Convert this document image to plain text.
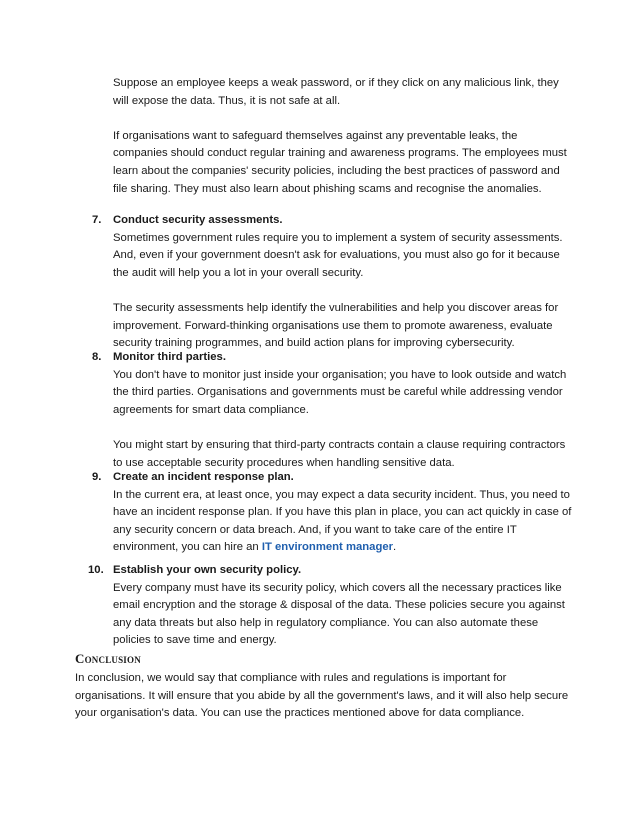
Suppose an employee keeps a weak password, or if they click on any malicious link, they will expose the data. Thus, it is not safe at all.

If organisations want to safeguard themselves against any preventable leaks, the companies should conduct regular training and awareness programs. The employees must learn about the companies' security policies, including the best practices of password and file sharing. They must also learn about phishing scams and recognise the anomalies.

7. Conduct security assessments.

Sometimes government rules require you to implement a system of security assessments. And, even if your government doesn't ask for evaluations, you must also go for it because the audit will help you a lot in your overall security.

The security assessments help identify the vulnerabilities and help you discover areas for improvement. Forward-thinking organisations use them to promote awareness, evaluate security training programmes, and build action plans for improving cybersecurity.

8. Monitor third parties.

You don't have to monitor just inside your organisation; you have to look outside and watch the third parties. Organisations and governments must be careful while addressing vendor agreements for smart data compliance.

You might start by ensuring that third-party contracts contain a clause requiring contractors to use acceptable security procedures when handling sensitive data.

9. Create an incident response plan.

In the current era, at least once, you may expect a data security incident. Thus, you need to have an incident response plan. If you have this plan in place, you can act quickly in case of any security concern or data breach. And, if you want to take care of the entire IT environment, you can hire an IT environment manager.

10. Establish your own security policy.

Every company must have its security policy, which covers all the necessary practices like email encryption and the storage & disposal of the data. These policies secure you against any data threats but also help in regulatory compliance. You can also automate these policies to save time and energy.

Conclusion

In conclusion, we would say that compliance with rules and regulations is important for organisations. It will ensure that you abide by all the government's laws, and it will also help secure your organisation's data. You can use the practices mentioned above for data compliance.
